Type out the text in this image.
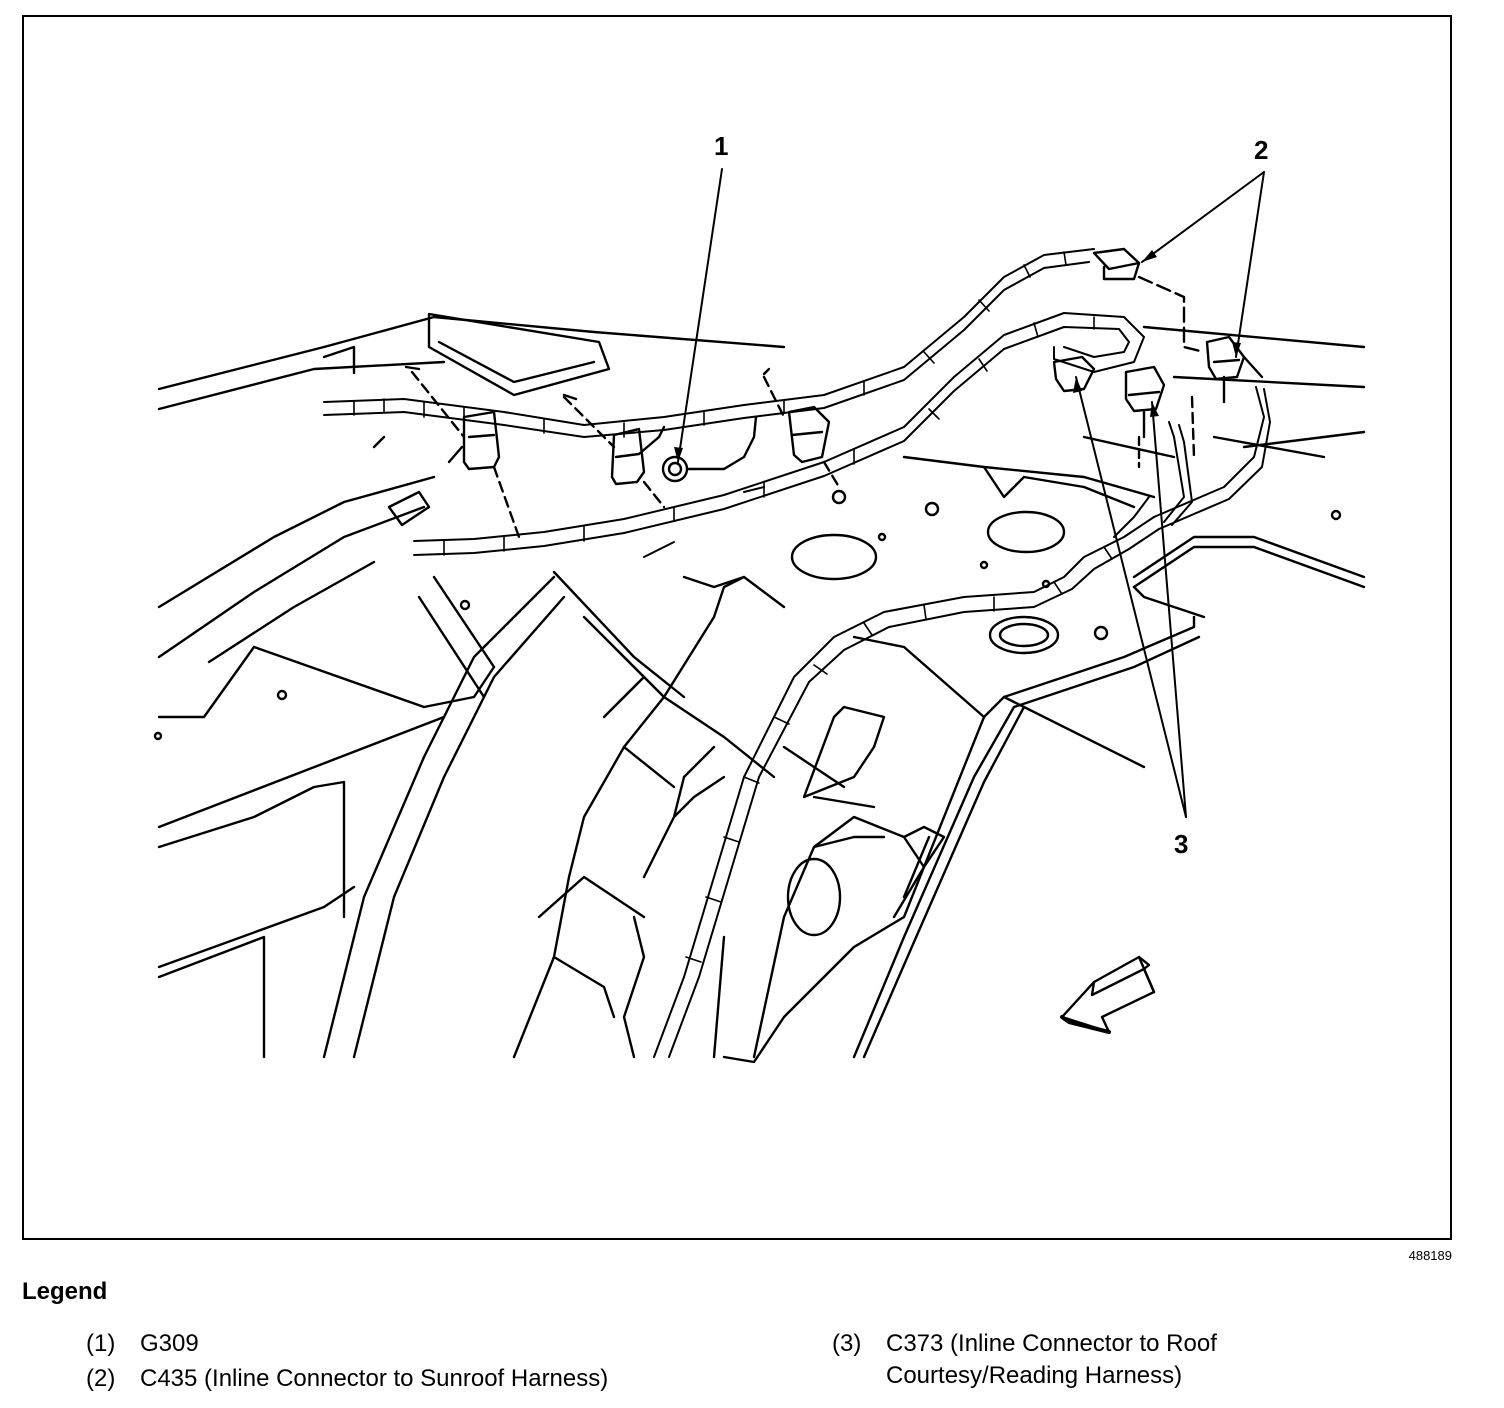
1	2
3
488189
Legend
(1)	G309
(2)	C435 (Inline Connector to Sunroof Harness)
(3)	C373 (Inline Connector to Roof
Courtesy/Reading Harness)
